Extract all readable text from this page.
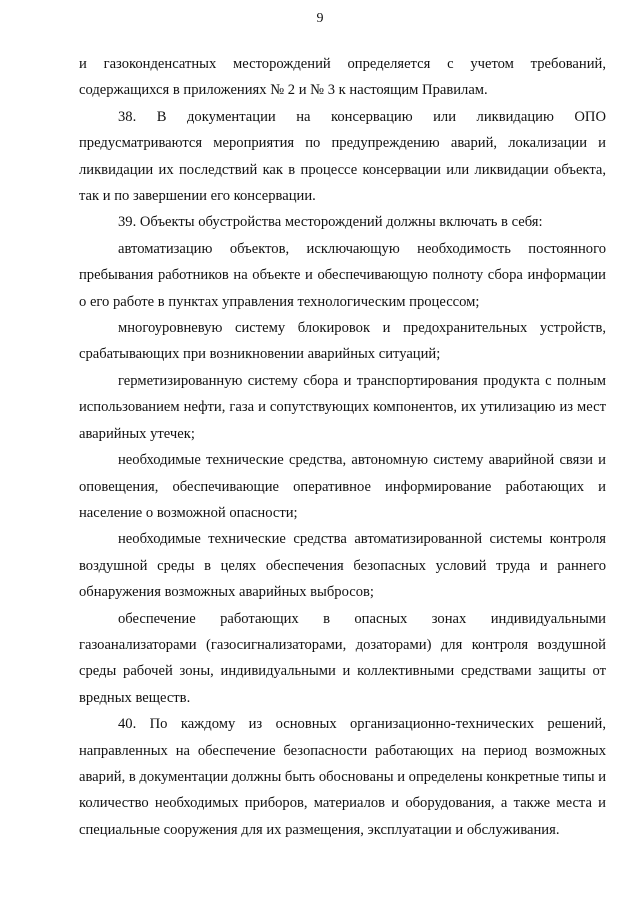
9

и газоконденсатных месторождений определяется с учетом требований, содержащихся в приложениях № 2 и № 3 к настоящим Правилам.

38. В документации на консервацию или ликвидацию ОПО предусматриваются мероприятия по предупреждению аварий, локализации и ликвидации их последствий как в процессе консервации или ликвидации объекта, так и по завершении его консервации.

39. Объекты обустройства месторождений должны включать в себя:

автоматизацию объектов, исключающую необходимость постоянного пребывания работников на объекте и обеспечивающую полноту сбора информации о его работе в пунктах управления технологическим процессом;

многоуровневую систему блокировок и предохранительных устройств, срабатывающих при возникновении аварийных ситуаций;

герметизированную систему сбора и транспортирования продукта с полным использованием нефти, газа и сопутствующих компонентов, их утилизацию из мест аварийных утечек;

необходимые технические средства, автономную систему аварийной связи и оповещения, обеспечивающие оперативное информирование работающих и население о возможной опасности;

необходимые технические средства автоматизированной системы контроля воздушной среды в целях обеспечения безопасных условий труда и раннего обнаружения возможных аварийных выбросов;

обеспечение работающих в опасных зонах индивидуальными газоанализаторами (газосигнализаторами, дозаторами) для контроля воздушной среды рабочей зоны, индивидуальными и коллективными средствами защиты от вредных веществ.

40. По каждому из основных организационно-технических решений, направленных на обеспечение безопасности работающих на период возможных аварий, в документации должны быть обоснованы и определены конкретные типы и количество необходимых приборов, материалов и оборудования, а также места и специальные сооружения для их размещения, эксплуатации и обслуживания.
